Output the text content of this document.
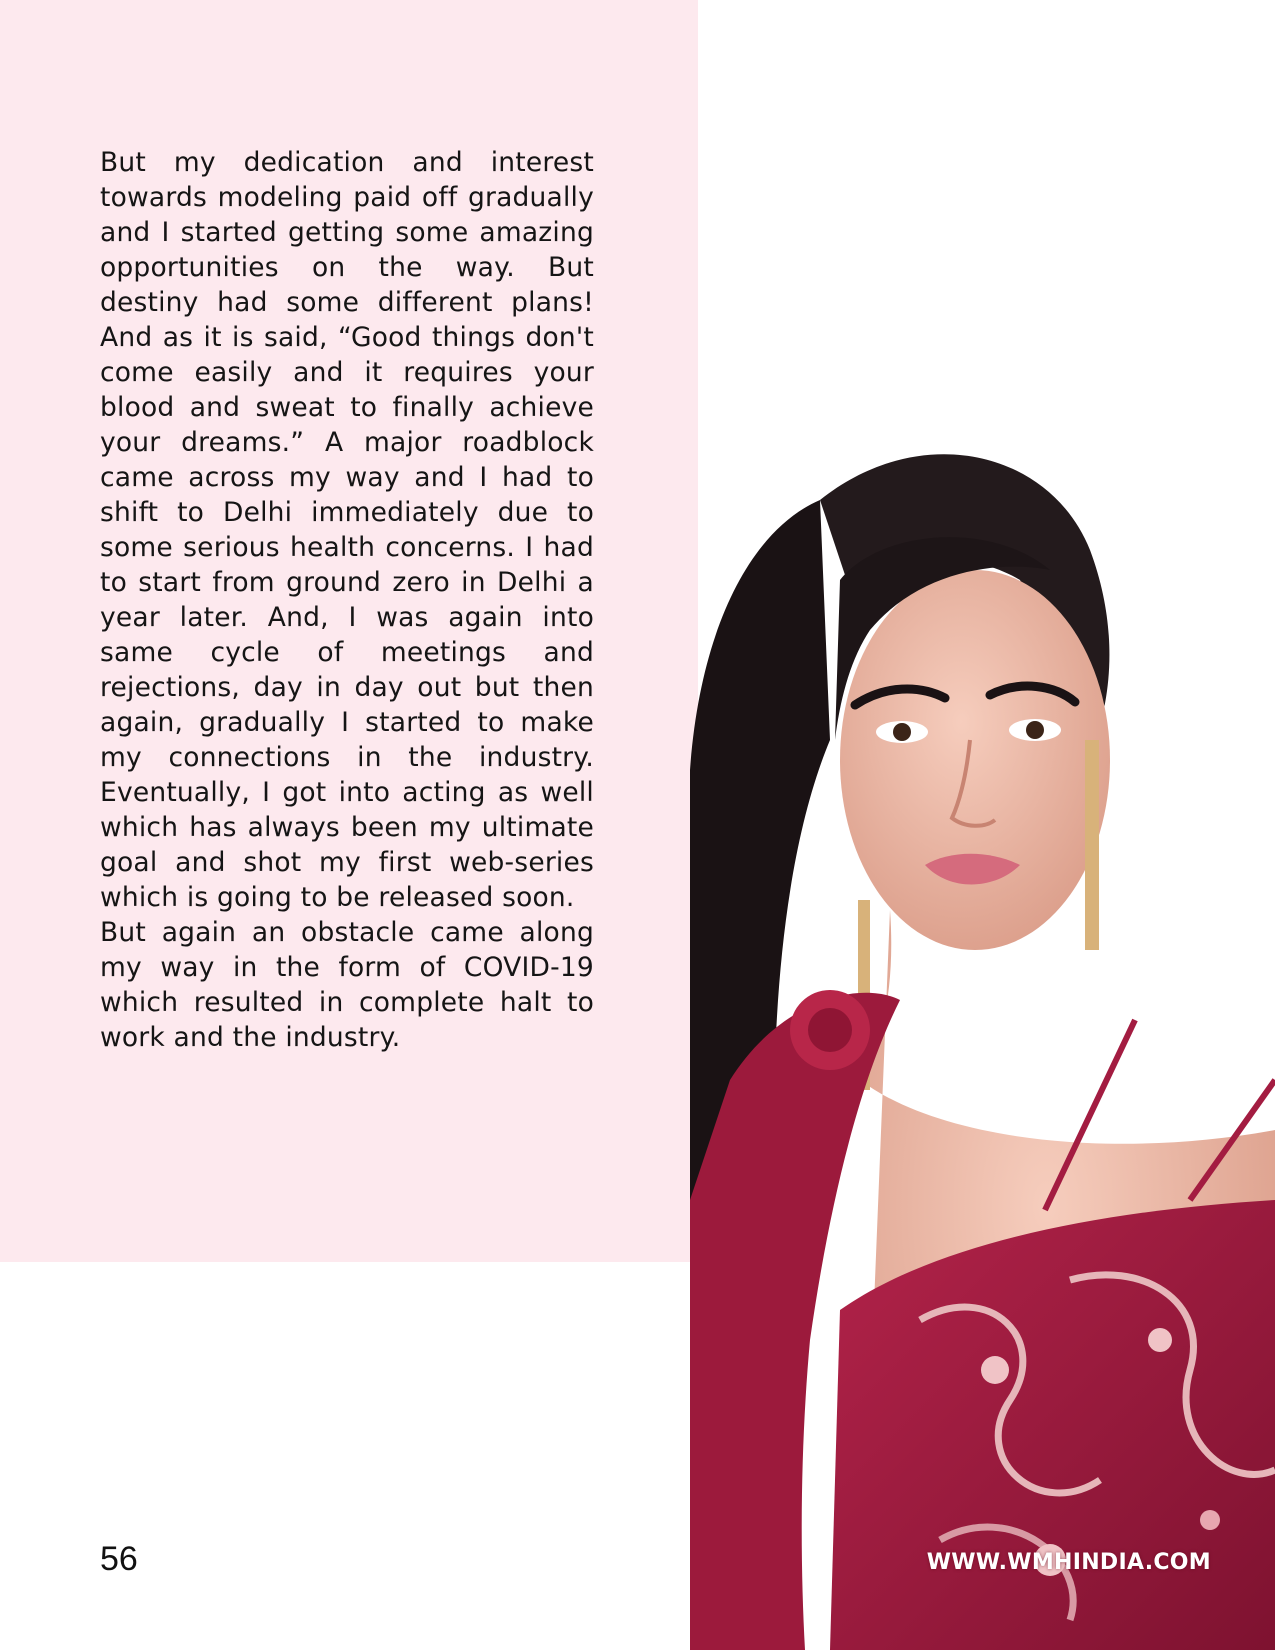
But my dedication and interest towards modeling paid off gradually and I started getting some amazing opportunities on the way. But destiny had some different plans! And as it is said, “Good things don't come easily and it requires your blood and sweat to finally achieve your dreams.” A major roadblock came across my way and I had to shift to Delhi immediately due to some serious health concerns. I had to start from ground zero in Delhi a year later. And, I was again into same cycle of meetings and rejections, day in day out but then again, gradually I started to make my connections in the industry. Eventually, I got into acting as well which has always been my ultimate goal and shot my first web-series which is going to be released soon.

But again an obstacle came along my way in the form of COVID-19 which resulted in complete halt to work and the industry.

56	WWW.WMHINDIA.COM
